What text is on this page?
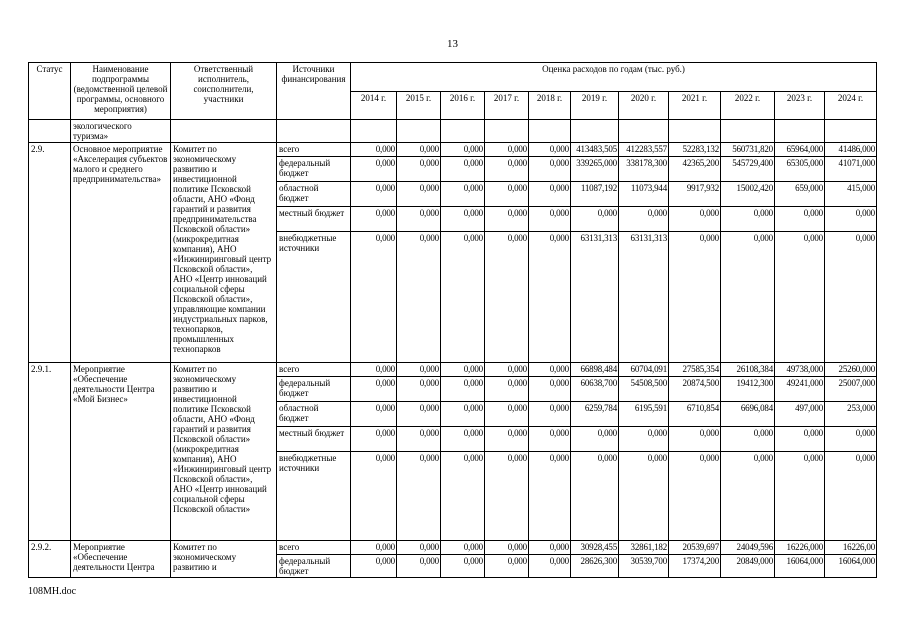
13
Статус	Наименование подпрограммы (ведомственной целевой программы, основного мероприятия)	Ответственный исполнитель, соисполнители, участники	Источники финансирования	Оценка расходов по годам (тыс. руб.)										
				2014 г.	2015 г.	2016 г.	2017 г.	2018 г.	2019 г.	2020 г.	2021 г.	2022 г.	2023 г.	2024 г.
	экологического туризма»													
2.9.	Основное мероприятие «Акселерация субъектов малого и среднего предпринимательства»	Комитет по экономическому развитию и инвестиционной политике Псковской области, АНО «Фонд гарантий и развития предпринимательства Псковской области» (микрокредитная компания), АНО «Инжиниринговый центр Псковской области», АНО «Центр инноваций социальной сферы Псковской области», управляющие компании индустриальных парков, технопарков, промышленных технопарков	всего	0,000	0,000	0,000	0,000	0,000	413483,505	412283,557	52283,132	560731,820	65964,000	41486,000
			федеральный бюджет	0,000	0,000	0,000	0,000	0,000	339265,000	338178,300	42365,200	545729,400	65305,000	41071,000
			областной бюджет	0,000	0,000	0,000	0,000	0,000	11087,192	11073,944	9917,932	15002,420	659,000	415,000
			местный бюджет	0,000	0,000	0,000	0,000	0,000	0,000	0,000	0,000	0,000	0,000	0,000
			внебюджетные источники	0,000	0,000	0,000	0,000	0,000	63131,313	63131,313	0,000	0,000	0,000	0,000
2.9.1.	Мероприятие «Обеспечение деятельности Центра «Мой Бизнес»	Комитет по экономическому развитию и инвестиционной политике Псковской области, АНО «Фонд гарантий и развития Псковской области» (микрокредитная компания), АНО «Инжиниринговый центр Псковской области», АНО «Центр инноваций социальной сферы Псковской области»	всего	0,000	0,000	0,000	0,000	0,000	66898,484	60704,091	27585,354	26108,384	49738,000	25260,000
			федеральный бюджет	0,000	0,000	0,000	0,000	0,000	60638,700	54508,500	20874,500	19412,300	49241,000	25007,000
			областной бюджет	0,000	0,000	0,000	0,000	0,000	6259,784	6195,591	6710,854	6696,084	497,000	253,000
			местный бюджет	0,000	0,000	0,000	0,000	0,000	0,000	0,000	0,000	0,000	0,000	0,000
			внебюджетные источники	0,000	0,000	0,000	0,000	0,000	0,000	0,000	0,000	0,000	0,000	0,000
2.9.2.	Мероприятие «Обеспечение деятельности Центра	Комитет по экономическому развитию и	всего	0,000	0,000	0,000	0,000	0,000	30928,455	32861,182	20539,697	24049,596	16226,000	16226,00
			федеральный бюджет	0,000	0,000	0,000	0,000	0,000	28626,300	30539,700	17374,200	20849,000	16064,000	16064,000
108МН.doc
